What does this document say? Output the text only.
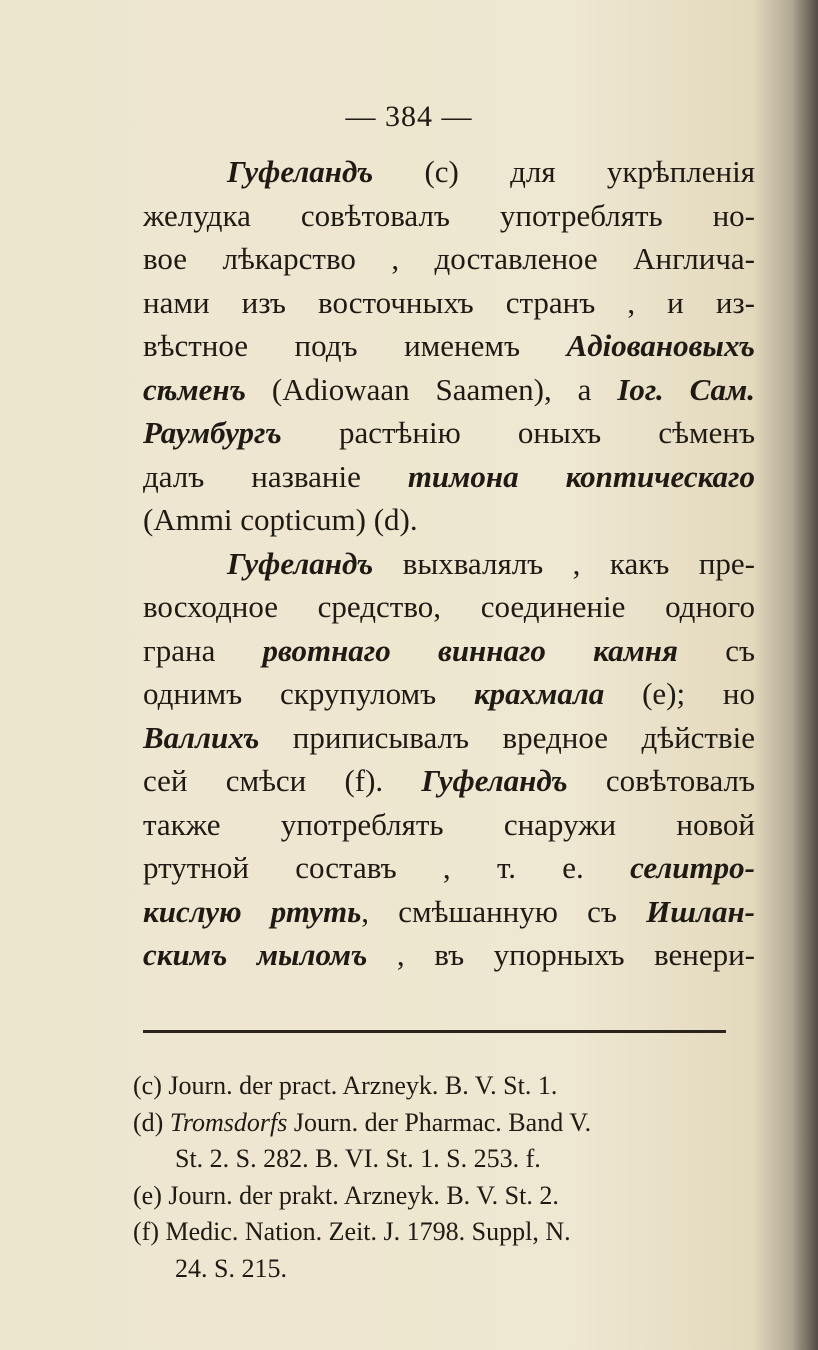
— 384 —
Гуфеландъ (c) для укрѣпленія
желудка совѣтовалъ употреблять но-
вое лѣкарство , доставленое Англича-
нами изъ восточныхъ странъ , и из-
вѣстное подъ именемъ Адіовановыхъ
сѣменъ (Adiowaan Saamen), а Іог. Сам.
Раумбургъ растѣнію оныхъ сѣменъ
далъ названіе тимона коптическаго
(Ammi copticum) (d).
Гуфеландъ выхвалялъ , какъ пре-
восходное средство, соединеніе одного
грана рвотнаго виннаго камня съ
однимъ скрупуломъ крахмала (e); но
Валлихъ приписывалъ вредное дѣйствіе
сей смѣси (f). Гуфеландъ совѣтовалъ
также употреблять снаружи новой
ртутной составъ , т. е. селитро-
кислую ртуть, смѣшанную съ Ишлан-
скимъ мыломъ , въ упорныхъ венери-
(c) Journ. der pract. Arzneyk. B. V. St. 1.
(d) Tromsdorfs Journ. der Pharmac. Band V.
St. 2. S. 282. B. VI. St. 1. S. 253. f.
(e) Journ. der prakt. Arzneyk. B. V. St. 2.
(f) Medic. Nation. Zeit. J. 1798. Suppl, N.
24. S. 215.
